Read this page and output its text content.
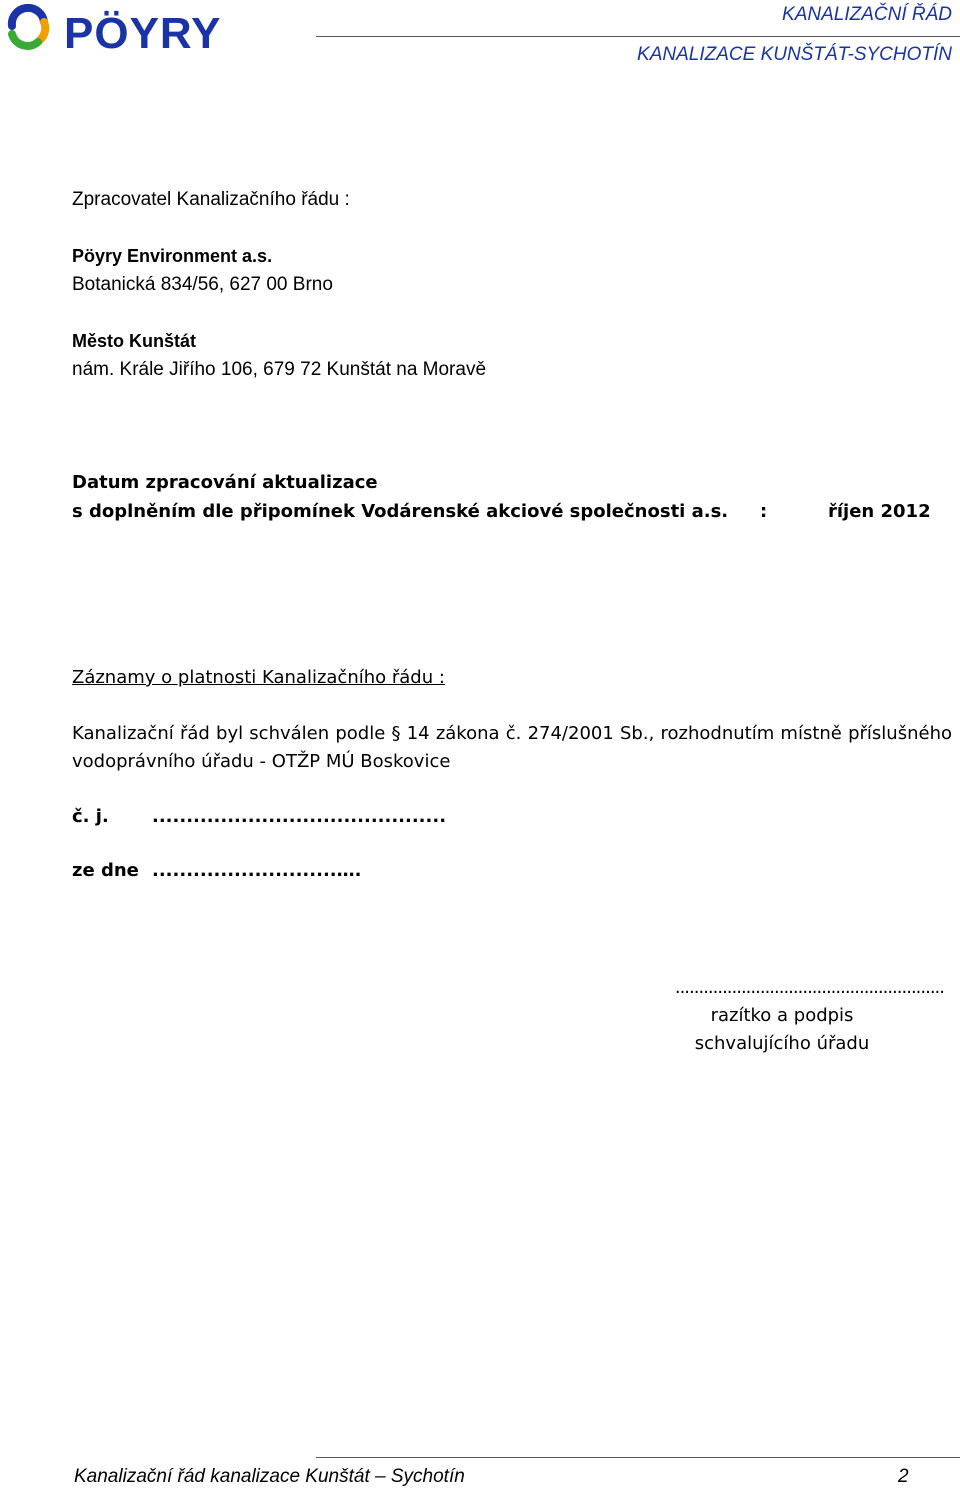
PÖYRY	KANALIZAČNÍ ŘÁD
KANALIZACE KUNŠTÁT-SYCHOTÍN
Zpracovatel Kanalizačního řádu :
Pöyry Environment a.s.
Botanická 834/56, 627 00 Brno
Město Kunštát
nám. Krále Jiřího 106, 679 72 Kunštát na Moravě
Datum zpracování aktualizace
s doplněním dle připomínek Vodárenské akciové společnosti a.s. :	říjen 2012
Záznamy o platnosti Kanalizačního řádu :
Kanalizační řád byl schválen podle § 14 zákona č. 274/2001 Sb., rozhodnutím místně příslušného vodoprávního úřadu - OTŽP MÚ Boskovice
č. j. ...........................................
ze dne ...........................….
.........................................................
razítko a podpis
schvalujícího úřadu
Kanalizační řád kanalizace Kunštát – Sychotín	2
